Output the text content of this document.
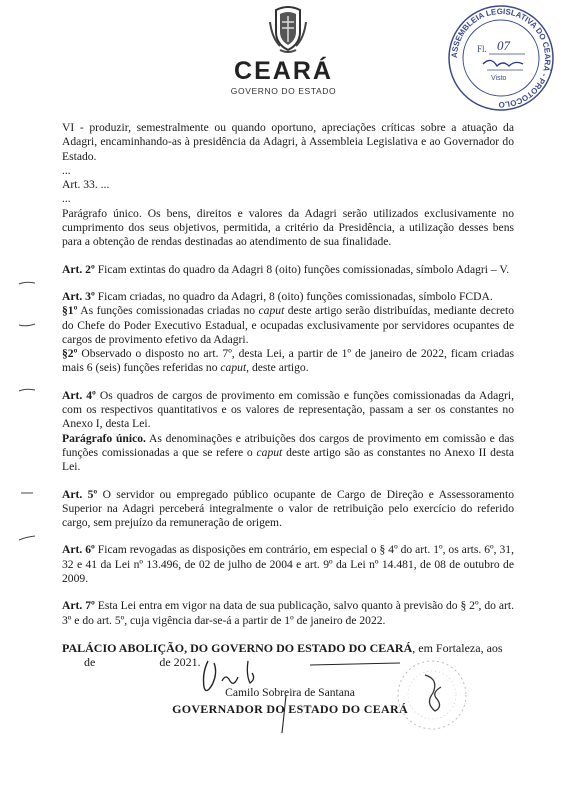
CEARÁ
GOVERNO DO ESTADO
ASSEMBLEIA LEGISLATIVA DO CEARÁ - PROTOCOLO
Fl. 07
Visto

VI - produzir, semestralmente ou quando oportuno, apreciações críticas sobre a atuação da Adagri, encaminhando-as à presidência da Adagri, à Assembleia Legislativa e ao Governador do Estado.

...

Art. 33. ...

...

Parágrafo único. Os bens, direitos e valores da Adagri serão utilizados exclusivamente no cumprimento dos seus objetivos, permitida, a critério da Presidência, a utilização desses bens para a obtenção de rendas destinadas ao atendimento de sua finalidade.

Art. 2º Ficam extintas do quadro da Adagri 8 (oito) funções comissionadas, símbolo Adagri – V.

Art. 3º Ficam criadas, no quadro da Adagri, 8 (oito) funções comissionadas, símbolo FCDA.

§1º As funções comissionadas criadas no caput deste artigo serão distribuídas, mediante decreto do Chefe do Poder Executivo Estadual, e ocupadas exclusivamente por servidores ocupantes de cargos de provimento efetivo da Adagri.

§2º Observado o disposto no art. 7º, desta Lei, a partir de 1º de janeiro de 2022, ficam criadas mais 6 (seis) funções referidas no caput, deste artigo.

Art. 4º Os quadros de cargos de provimento em comissão e funções comissionadas da Adagri, com os respectivos quantitativos e os valores de representação, passam a ser os constantes no Anexo I, desta Lei.

Parágrafo único. As denominações e atribuições dos cargos de provimento em comissão e das funções comissionadas a que se refere o caput deste artigo são as constantes no Anexo II desta Lei.

Art. 5º O servidor ou empregado público ocupante de Cargo de Direção e Assessoramento Superior na Adagri perceberá integralmente o valor de retribuição pelo exercício do referido cargo, sem prejuízo da remuneração de origem.

Art. 6º Ficam revogadas as disposições em contrário, em especial o § 4º do art. 1º, os arts. 6º, 31, 32 e 41 da Lei nº 13.496, de 02 de julho de 2004 e art. 9º da Lei nº 14.481, de 08 de outubro de 2009.

Art. 7º Esta Lei entra em vigor na data de sua publicação, salvo quanto à previsão do § 2º, do art. 3º e do art. 5º, cuja vigência dar-se-á a partir de 1º de janeiro de 2022.

PALÁCIO ABOLIÇÃO, DO GOVERNO DO ESTADO DO CEARÁ, em Fortaleza, aos

de	de 2021.

Camilo Sobreira de Santana
GOVERNADOR DO ESTADO DO CEARÁ
